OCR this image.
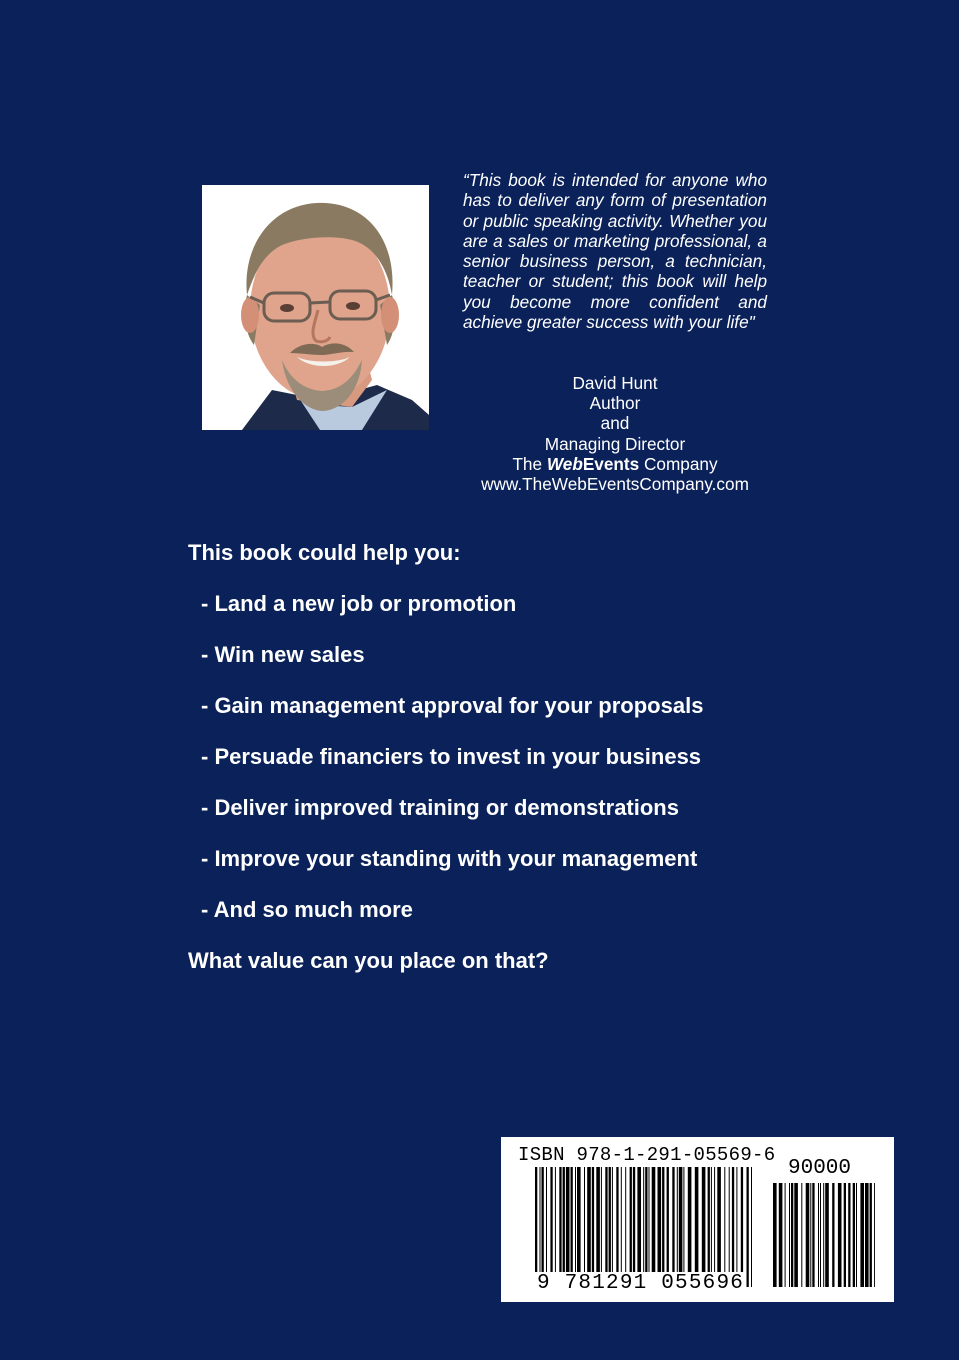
“This book is intended for anyone who has to deliver any form of presentation or public speaking activity. Whether you are a sales or marketing professional, a senior business person, a technician, teacher or student; this book will help you become more confident and achieve greater success with your life"
David Hunt
Author
and
Managing Director
The WebEvents Company
www.TheWebEventsCompany.com
This book could help you:
- Land a new job or promotion
- Win new sales
- Gain management approval for your proposals
- Persuade financiers to invest in your business
- Deliver improved training or demonstrations
- Improve your standing with your management
- And so much more
What value can you place on that?
ISBN 978-1-291-05569-6
90000
9 781291 055696
